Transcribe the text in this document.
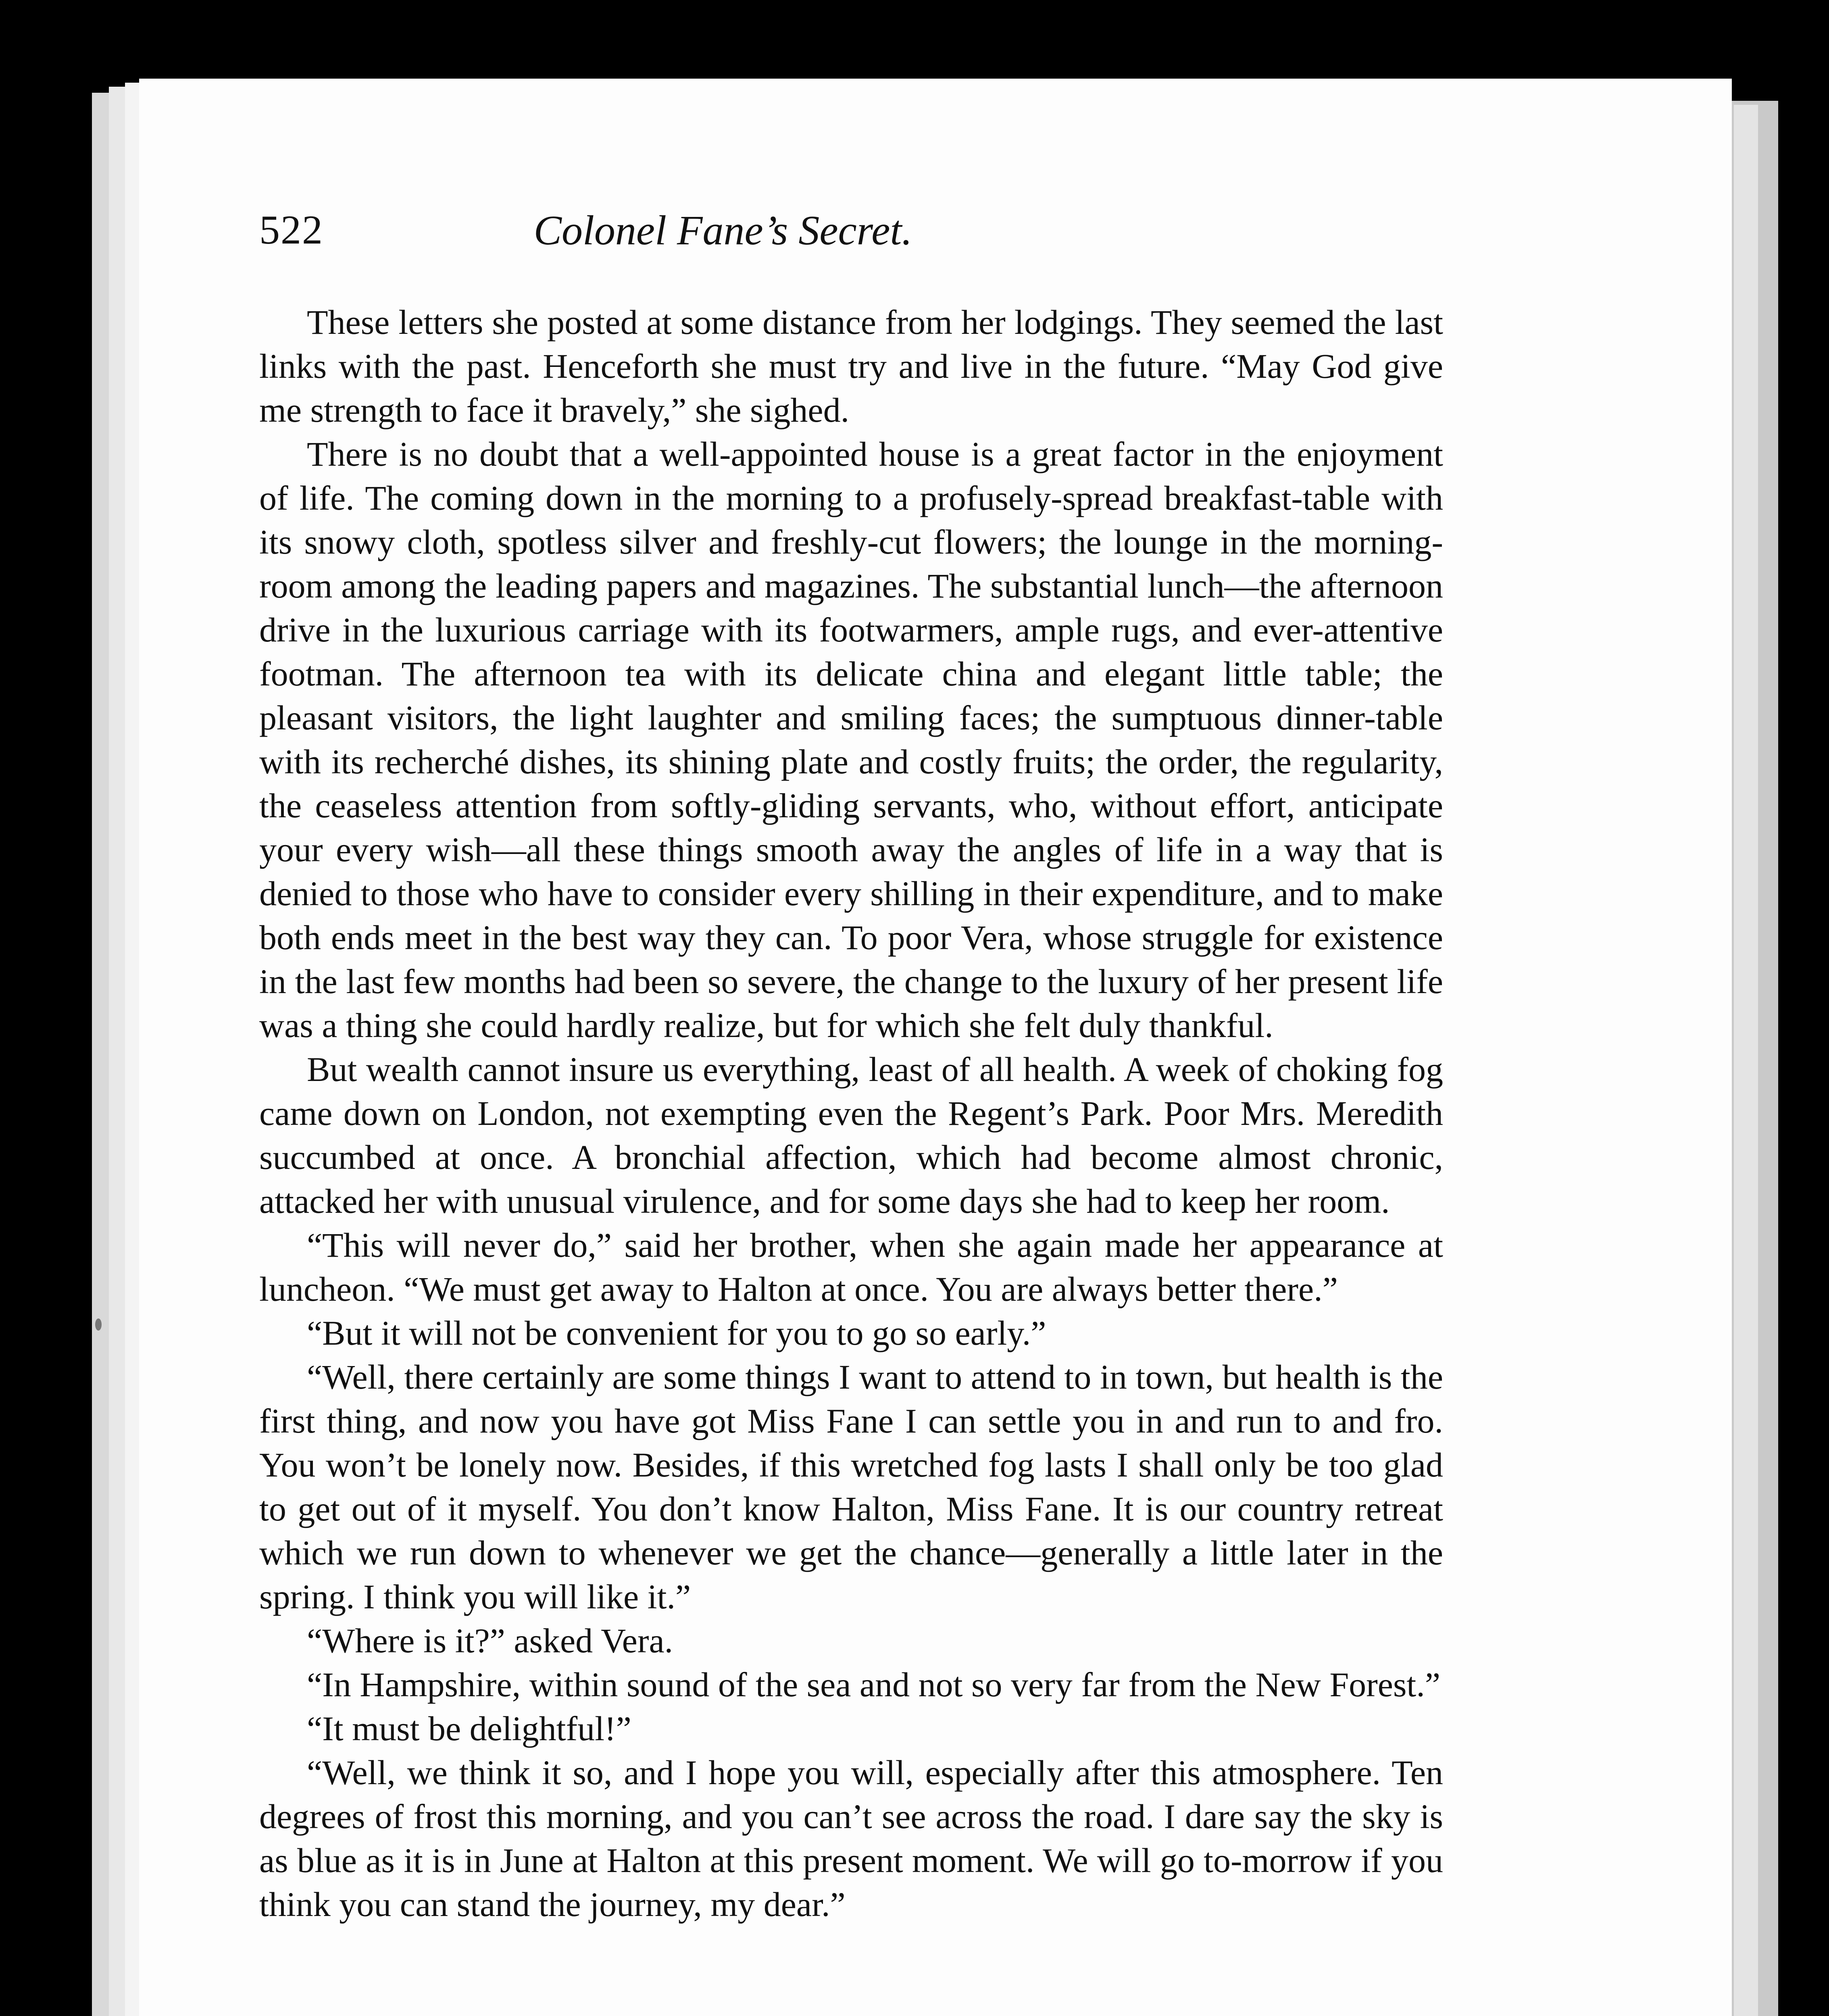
Colonel Fane’s Secret.
522

These letters she posted at some distance from her lodgings. They seemed the last links with the past. Henceforth she must try and live in the future. “May God give me strength to face it bravely,” she sighed.

There is no doubt that a well-appointed house is a great factor in the enjoyment of life. The coming down in the morning to a profusely-spread breakfast-table with its snowy cloth, spotless silver and freshly-cut flowers; the lounge in the morning-room among the leading papers and magazines. The substantial lunch—the afternoon drive in the luxurious carriage with its footwarmers, ample rugs, and ever-attentive footman. The afternoon tea with its delicate china and elegant little table; the pleasant visitors, the light laughter and smiling faces; the sumptuous dinner-table with its recherché dishes, its shining plate and costly fruits; the order, the regularity, the ceaseless attention from softly-gliding servants, who, without effort, anticipate your every wish—all these things smooth away the angles of life in a way that is denied to those who have to consider every shilling in their expenditure, and to make both ends meet in the best way they can. To poor Vera, whose struggle for existence in the last few months had been so severe, the change to the luxury of her present life was a thing she could hardly realize, but for which she felt duly thankful.

But wealth cannot insure us everything, least of all health. A week of choking fog came down on London, not exempting even the Regent’s Park. Poor Mrs. Meredith succumbed at once. A bronchial affection, which had become almost chronic, attacked her with unusual virulence, and for some days she had to keep her room.

“This will never do,” said her brother, when she again made her appearance at luncheon. “We must get away to Halton at once. You are always better there.”

“But it will not be convenient for you to go so early.”

“Well, there certainly are some things I want to attend to in town, but health is the first thing, and now you have got Miss Fane I can settle you in and run to and fro. You won’t be lonely now. Besides, if this wretched fog lasts I shall only be too glad to get out of it myself. You don’t know Halton, Miss Fane. It is our country retreat which we run down to whenever we get the chance—generally a little later in the spring. I think you will like it.”

“Where is it?” asked Vera.

“In Hampshire, within sound of the sea and not so very far from the New Forest.”

“It must be delightful!”

“Well, we think it so, and I hope you will, especially after this atmosphere. Ten degrees of frost this morning, and you can’t see across the road. I dare say the sky is as blue as it is in June at Halton at this present moment. We will go to-morrow if you think you can stand the journey, my dear.”
